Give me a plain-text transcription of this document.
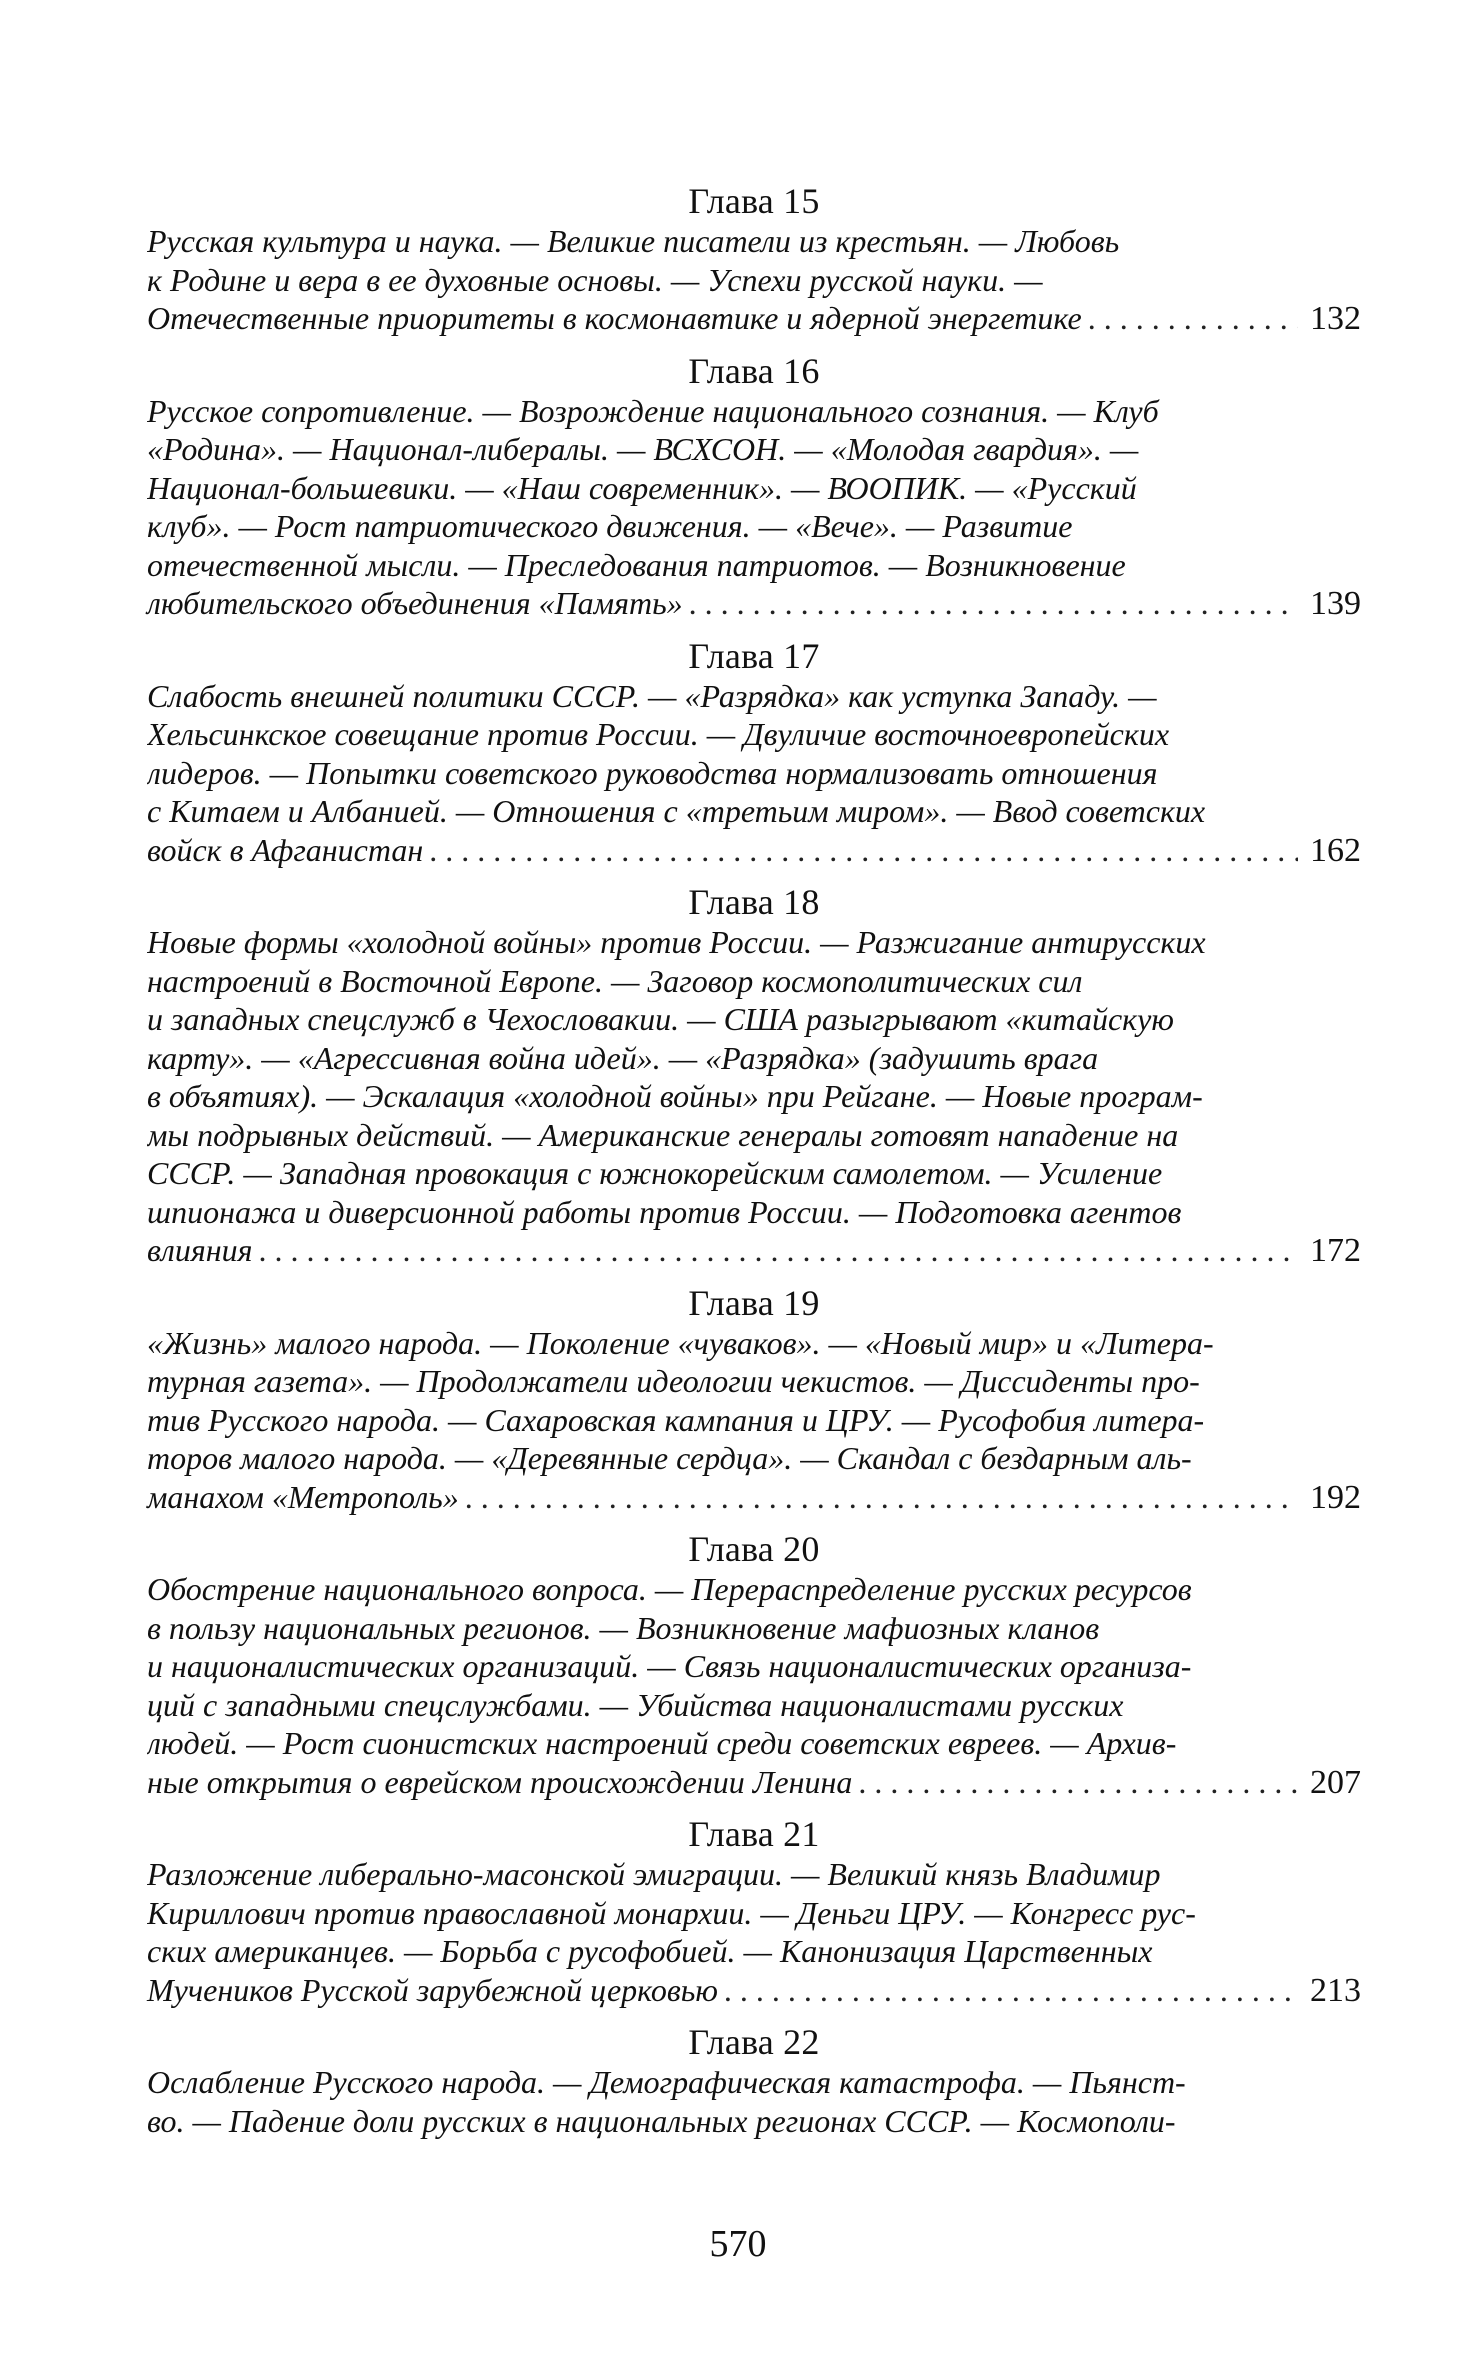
Глава 15
Русская культура и наука. — Великие писатели из крестьян. — Любовь
к Родине и вера в ее духовные основы. — Успехи русской науки. —
Отечественные приоритеты в космонавтике и ядерной энергетике . . .	132
Глава 16
Русское сопротивление. — Возрождение национального сознания. — Клуб
«Родина». — Национал-либералы. — ВСХСОН. — «Молодая гвардия». —
Национал-большевики. — «Наш современник». — ВООПИК. — «Русский
клуб». — Рост патриотического движения. — «Вече». — Развитие
отечественной мысли. — Преследования патриотов. — Возникновение
любительского объединения «Память» . . .	139
Глава 17
Слабость внешней политики СССР. — «Разрядка» как уступка Западу. —
Хельсинкское совещание против России. — Двуличие восточноевропейских
лидеров. — Попытки советского руководства нормализовать отношения
с Китаем и Албанией. — Отношения с «третьим миром». — Ввод советских
войск в Афганистан . . .	162
Глава 18
Новые формы «холодной войны» против России. — Разжигание антирусских
настроений в Восточной Европе. — Заговор космополитических сил
и западных спецслужб в Чехословакии. — США разыгрывают «китайскую
карту». — «Агрессивная война идей». — «Разрядка» (задушить врага
в объятиях). — Эскалация «холодной войны» при Рейгане. — Новые програм-
мы подрывных действий. — Американские генералы готовят нападение на
СССР. — Западная провокация с южнокорейским самолетом. — Усиление
шпионажа и диверсионной работы против России. — Подготовка агентов
влияния . . .	172
Глава 19
«Жизнь» малого народа. — Поколение «чуваков». — «Новый мир» и «Литера-
турная газета». — Продолжатели идеологии чекистов. — Диссиденты про-
тив Русского народа. — Сахаровская кампания и ЦРУ. — Русофобия литера-
торов малого народа. — «Деревянные сердца». — Скандал с бездарным аль-
манахом «Метрополь» . . .	192
Глава 20
Обострение национального вопроса. — Перераспределение русских ресурсов
в пользу национальных регионов. — Возникновение мафиозных кланов
и националистических организаций. — Связь националистических организа-
ций с западными спецслужбами. — Убийства националистами русских
людей. — Рост сионистских настроений среди советских евреев. — Архив-
ные открытия о еврейском происхождении Ленина . . .	207
Глава 21
Разложение либерально-масонской эмиграции. — Великий князь Владимир
Кириллович против православной монархии. — Деньги ЦРУ. — Конгресс рус-
ских американцев. — Борьба с русофобией. — Канонизация Царственных
Мучеников Русской зарубежной церковью . . .	213
Глава 22
Ослабление Русского народа. — Демографическая катастрофа. — Пьянст-
во. — Падение доли русских в национальных регионах СССР. — Космополи-
570
